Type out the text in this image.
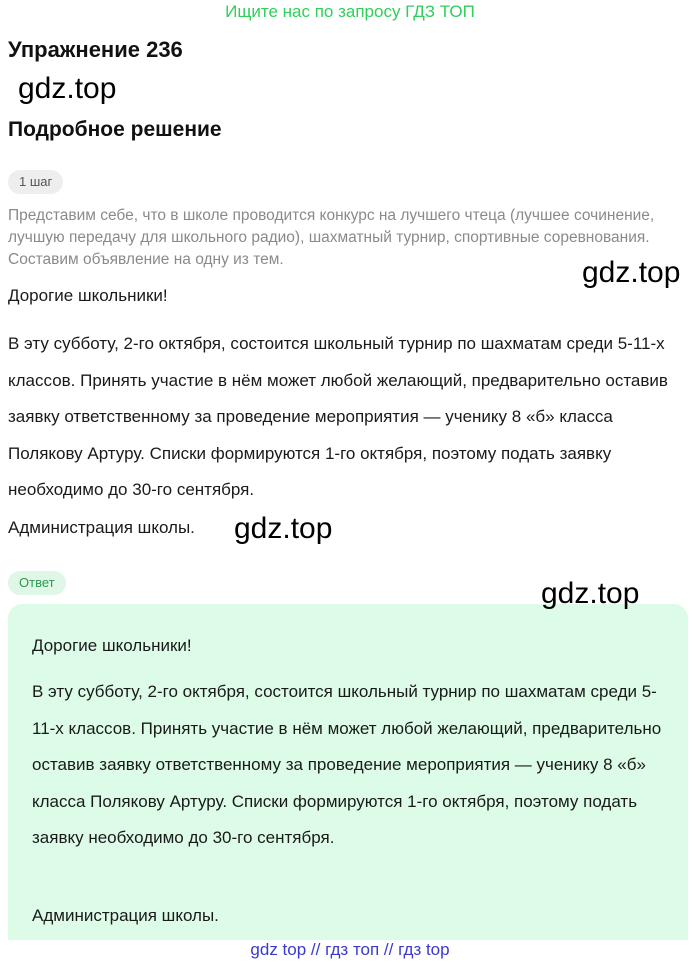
Ищите нас по запросу ГДЗ ТОП
Упражнение 236
gdz.top
Подробное решение
1 шаг

Представим себе, что в школе проводится конкурс на лучшего чтеца (лучшее сочинение, лучшую передачу для школьного радио), шахматный турнир, спортивные соревнования. Составим объявление на одну из тем.	gdz.top

Дорогие школьники!

В эту субботу, 2-го октября, состоится школьный турнир по шахматам среди 5-11-х классов. Принять участие в нём может любой желающий, предварительно оставив заявку ответственному за проведение мероприятия — ученику 8 «б» класса Полякову Артуру. Списки формируются 1-го октября, поэтому подать заявку необходимо до 30-го сентября.

Администрация школы. gdz.top
Ответ

Дорогие школьники!

В эту субботу, 2-го октября, состоится школьный турнир по шахматам среди 5-11-х классов. Принять участие в нём может любой желающий, предварительно оставив заявку ответственному за проведение мероприятия — ученику 8 «б» класса Полякову Артуру. Списки формируются 1-го октября, поэтому подать заявку необходимо до 30-го сентября.

Администрация школы.

gdz.top
gdz top // гдз топ // гдз top
